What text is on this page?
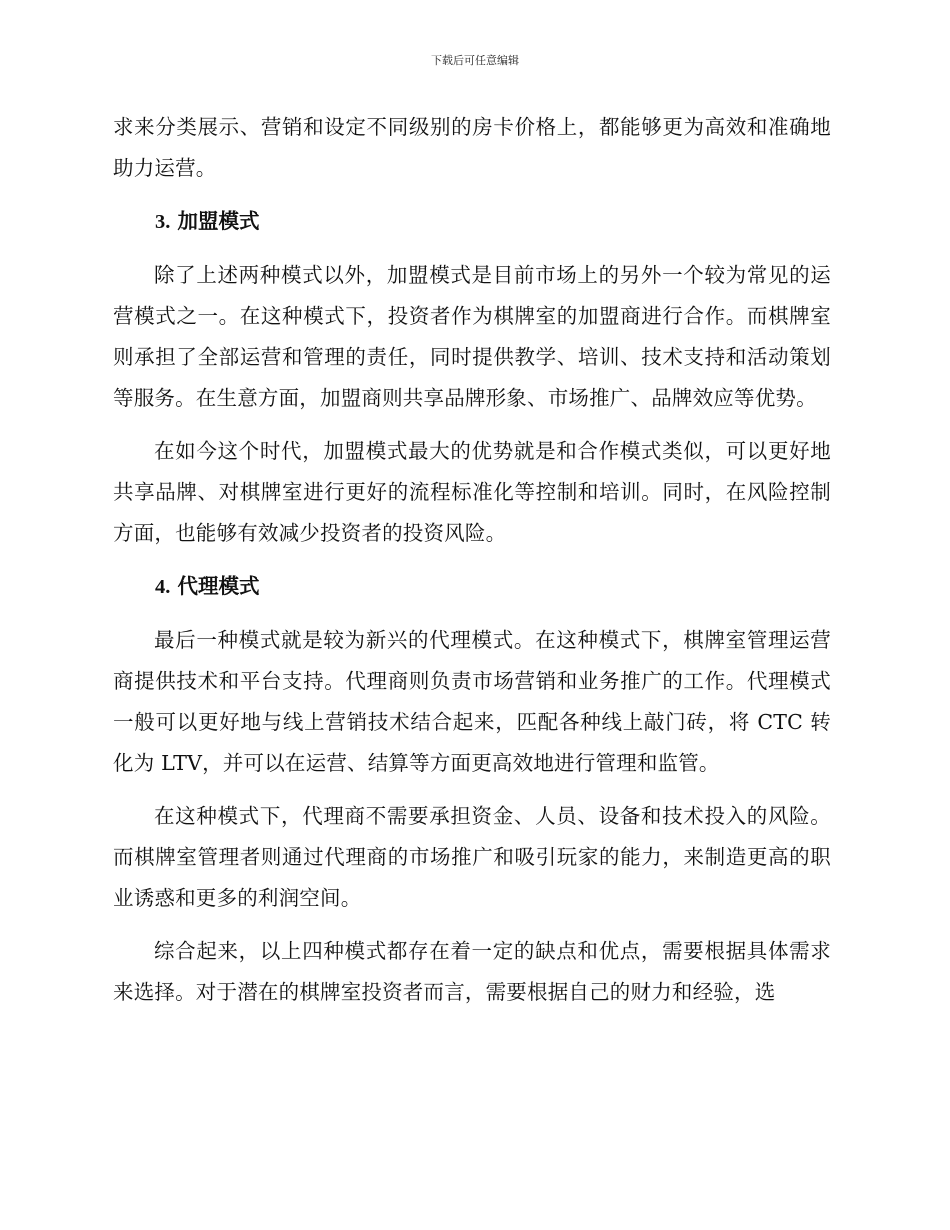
下载后可任意编辑

求来分类展示、营销和设定不同级别的房卡价格上，都能够更为高效和准确地助力运营。

3. 加盟模式

除了上述两种模式以外，加盟模式是目前市场上的另外一个较为常见的运营模式之一。在这种模式下，投资者作为棋牌室的加盟商进行合作。而棋牌室则承担了全部运营和管理的责任，同时提供教学、培训、技术支持和活动策划等服务。在生意方面，加盟商则共享品牌形象、市场推广、品牌效应等优势。

在如今这个时代，加盟模式最大的优势就是和合作模式类似，可以更好地共享品牌、对棋牌室进行更好的流程标准化等控制和培训。同时，在风险控制方面，也能够有效减少投资者的投资风险。

4. 代理模式

最后一种模式就是较为新兴的代理模式。在这种模式下，棋牌室管理运营商提供技术和平台支持。代理商则负责市场营销和业务推广的工作。代理模式一般可以更好地与线上营销技术结合起来，匹配各种线上敲门砖，将 CTC 转化为 LTV，并可以在运营、结算等方面更高效地进行管理和监管。

在这种模式下，代理商不需要承担资金、人员、设备和技术投入的风险。而棋牌室管理者则通过代理商的市场推广和吸引玩家的能力，来制造更高的职业诱惑和更多的利润空间。

综合起来，以上四种模式都存在着一定的缺点和优点，需要根据具体需求来选择。对于潜在的棋牌室投资者而言，需要根据自己的财力和经验，选
